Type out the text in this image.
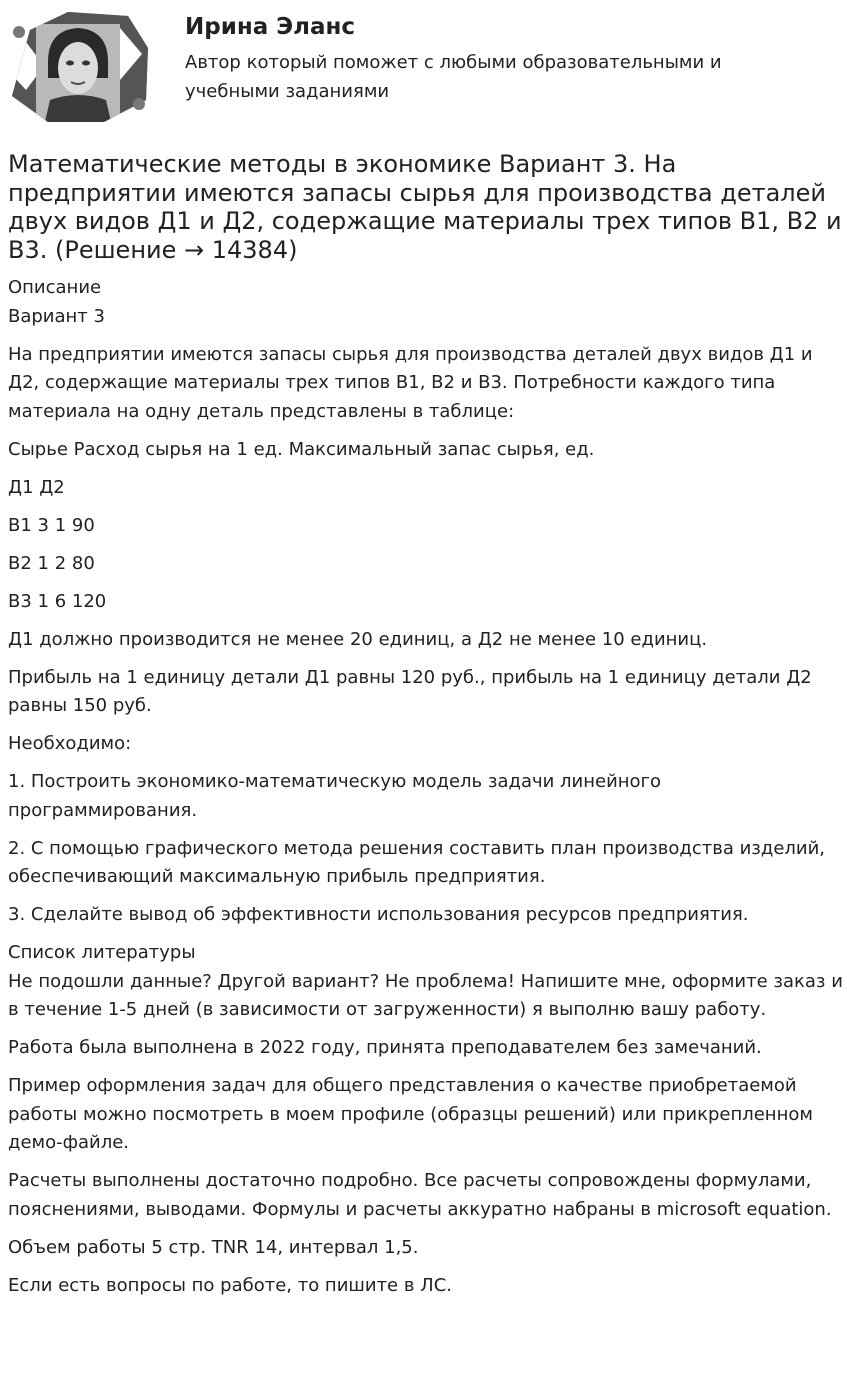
Ирина Эланс

Автор который поможет с любыми образовательными и учебными заданиями

Математические методы в экономике Вариант 3. На предприятии имеются запасы сырья для производства деталей двух видов Д1 и Д2, содержащие материалы трех типов В1, В2 и В3. (Решение → 14384)

Описание

Вариант 3

На предприятии имеются запасы сырья для производства деталей двух видов Д1 и Д2, содержащие материалы трех типов В1, В2 и В3. Потребности каждого типа материала на одну деталь представлены в таблице:

Сырье Расход сырья на 1 ед. Максимальный запас сырья, ед.

Д1 Д2

В1 3 1 90

В2 1 2 80

В3 1 6 120

Д1 должно производится не менее 20 единиц, а Д2 не менее 10 единиц.

Прибыль на 1 единицу детали Д1 равны 120 руб., прибыль на 1 единицу детали Д2 равны 150 руб.

Необходимо:

1. Построить экономико-математическую модель задачи линейного программирования.

2. С помощью графического метода решения составить план производства изделий, обеспечивающий максимальную прибыль предприятия.

3. Сделайте вывод об эффективности использования ресурсов предприятия.

Список литературы

Не подошли данные? Другой вариант? Не проблема! Напишите мне, оформите заказ и в течение 1-5 дней (в зависимости от загруженности) я выполню вашу работу.

Работа была выполнена в 2022 году, принята преподавателем без замечаний.

Пример оформления задач для общего представления о качестве приобретаемой работы можно посмотреть в моем профиле (образцы решений) или прикрепленном демо-файле.

Расчеты выполнены достаточно подробно. Все расчеты сопровождены формулами, пояснениями, выводами. Формулы и расчеты аккуратно набраны в microsoft equation.

Объем работы 5 стр. TNR 14, интервал 1,5.

Если есть вопросы по работе, то пишите в ЛС.
